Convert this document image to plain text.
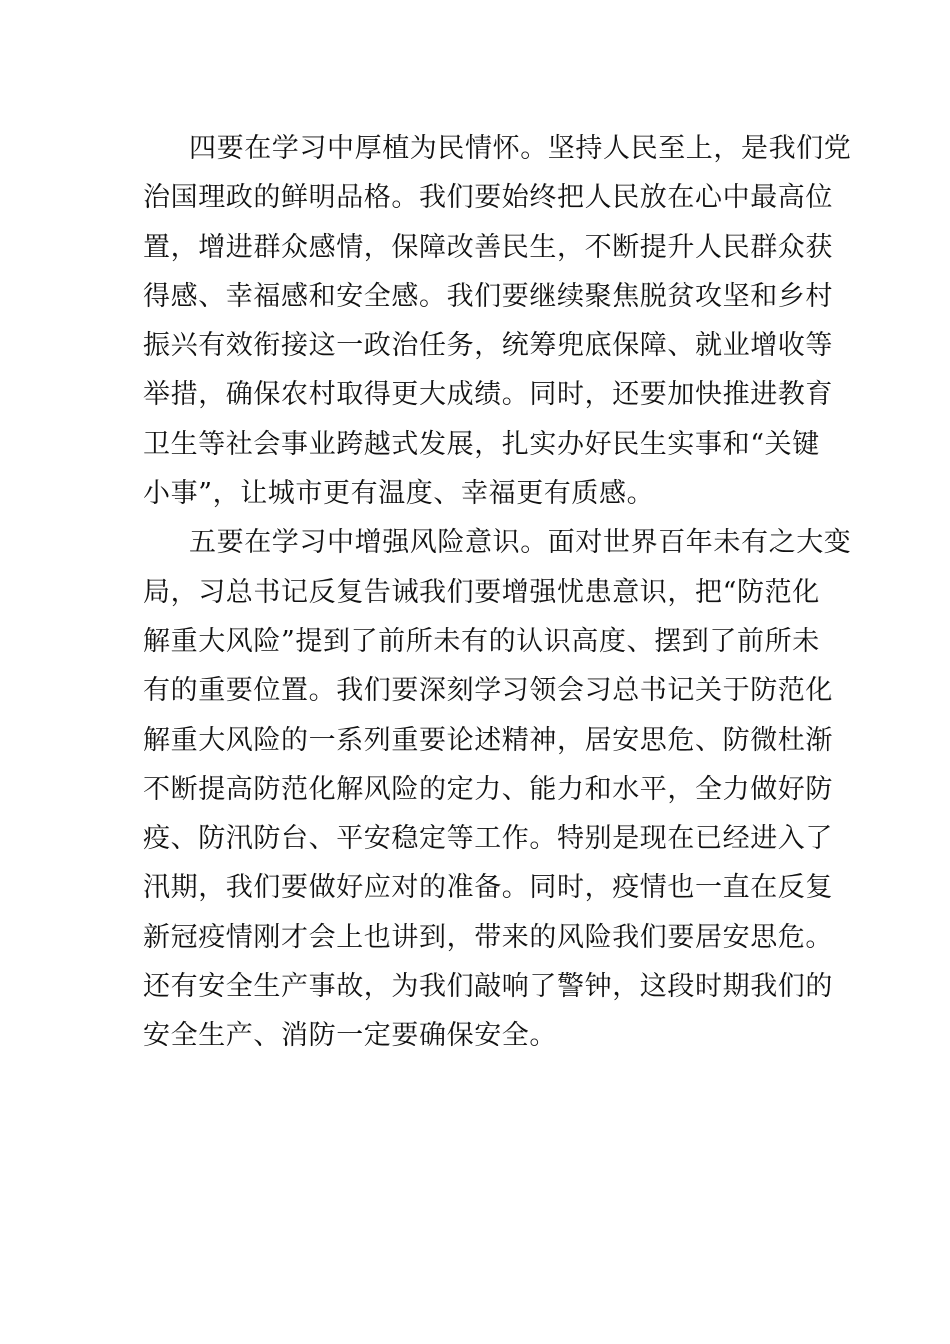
四要在学习中厚植为民情怀。坚持人民至上，是我们党
治国理政的鲜明品格。我们要始终把人民放在心中最高位
置，增进群众感情，保障改善民生，不断提升人民群众获
得感、幸福感和安全感。我们要继续聚焦脱贫攻坚和乡村
振兴有效衔接这一政治任务，统筹兜底保障、就业增收等
举措，确保农村取得更大成绩。同时，还要加快推进教育
卫生等社会事业跨越式发展，扎实办好民生实事和“关键
小事”，让城市更有温度、幸福更有质感。

五要在学习中增强风险意识。面对世界百年未有之大变
局，习总书记反复告诫我们要增强忧患意识，把“防范化
解重大风险”提到了前所未有的认识高度、摆到了前所未
有的重要位置。我们要深刻学习领会习总书记关于防范化
解重大风险的一系列重要论述精神，居安思危、防微杜渐
不断提高防范化解风险的定力、能力和水平，全力做好防
疫、防汛防台、平安稳定等工作。特别是现在已经进入了
汛期，我们要做好应对的准备。同时，疫情也一直在反复
新冠疫情刚才会上也讲到，带来的风险我们要居安思危。
还有安全生产事故，为我们敲响了警钟，这段时期我们的
安全生产、消防一定要确保安全。
